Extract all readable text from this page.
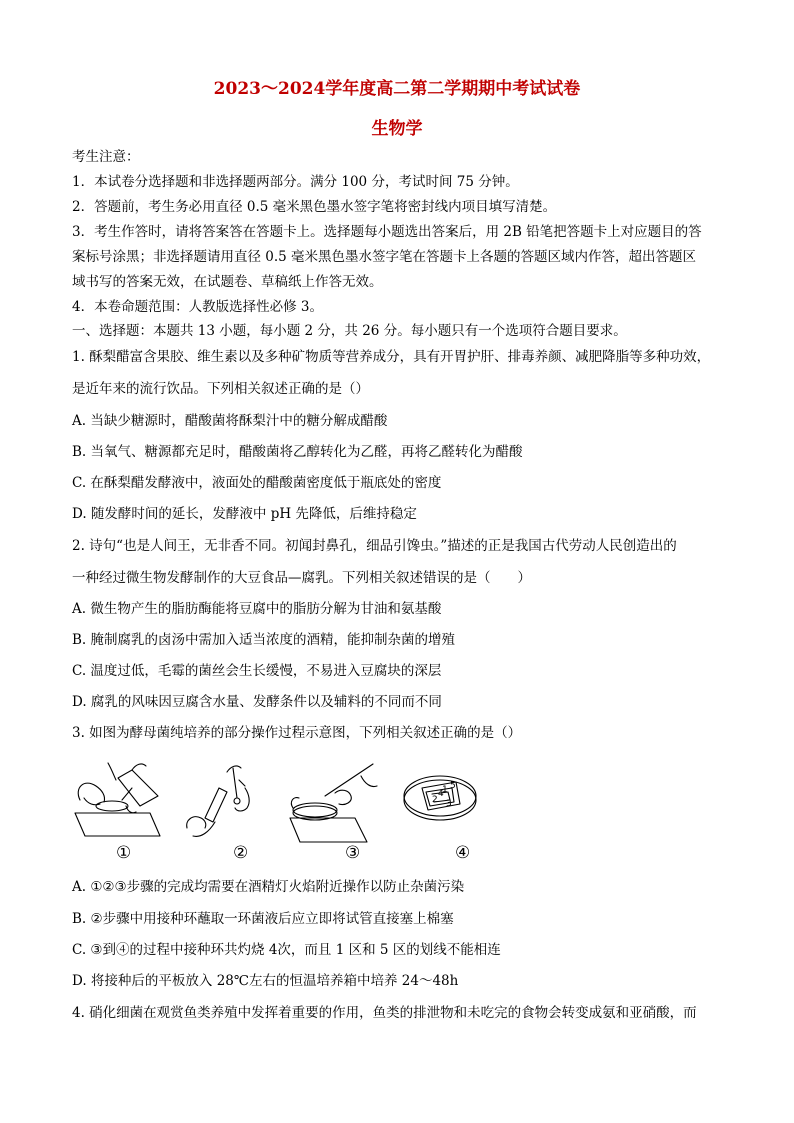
2023～2024学年度高二第二学期期中考试试卷
生物学
考生注意：
1．本试卷分选择题和非选择题两部分。满分 100 分，考试时间 75 分钟。
2．答题前，考生务必用直径 0.5 毫米黑色墨水签字笔将密封线内项目填写清楚。
3．考生作答时，请将答案答在答题卡上。选择题每小题选出答案后，用 2B 铅笔把答题卡上对应题目的答
案标号涂黑；非选择题请用直径 0.5 毫米黑色墨水签字笔在答题卡上各题的答题区域内作答，超出答题区
域书写的答案无效，在试题卷、草稿纸上作答无效。
4．本卷命题范围：人教版选择性必修 3。
一、选择题：本题共 13 小题，每小题 2 分，共 26 分。每小题只有一个选项符合题目要求。
1. 酥梨醋富含果胶、维生素以及多种矿物质等营养成分，具有开胃护肝、排毒养颜、减肥降脂等多种功效，
是近年来的流行饮品。下列相关叙述正确的是（）
A. 当缺少糖源时，醋酸菌将酥梨汁中的糖分解成醋酸
B. 当氧气、糖源都充足时，醋酸菌将乙醇转化为乙醛，再将乙醛转化为醋酸
C. 在酥梨醋发酵液中，液面处的醋酸菌密度低于瓶底处的密度
D. 随发酵时间的延长，发酵液中 pH 先降低，后维持稳定
2. 诗句“也是人间王，无非香不同。初闻封鼻孔，细品引馋虫。”描述的正是我国古代劳动人民创造出的
一种经过微生物发酵制作的大豆食品—腐乳。下列相关叙述错误的是（　　）
A. 微生物产生的脂肪酶能将豆腐中的脂肪分解为甘油和氨基酸
B. 腌制腐乳的卤汤中需加入适当浓度的酒精，能抑制杂菌的增殖
C. 温度过低，毛霉的菌丝会生长缓慢，不易进入豆腐块的深层
D. 腐乳的风味因豆腐含水量、发酵条件以及辅料的不同而不同
3. 如图为酵母菌纯培养的部分操作过程示意图，下列相关叙述正确的是（）
1
2 3
4
5
①	②	③	④
A. ①②③步骤的完成均需要在酒精灯火焰附近操作以防止杂菌污染
B. ②步骤中用接种环蘸取一环菌液后应立即将试管直接塞上棉塞
C. ③到④的过程中接种环共灼烧 4次，而且 1 区和 5 区的划线不能相连
D. 将接种后的平板放入 28℃左右的恒温培养箱中培养 24～48h
4. 硝化细菌在观赏鱼类养殖中发挥着重要的作用，鱼类的排泄物和未吃完的食物会转变成氨和亚硝酸，而
